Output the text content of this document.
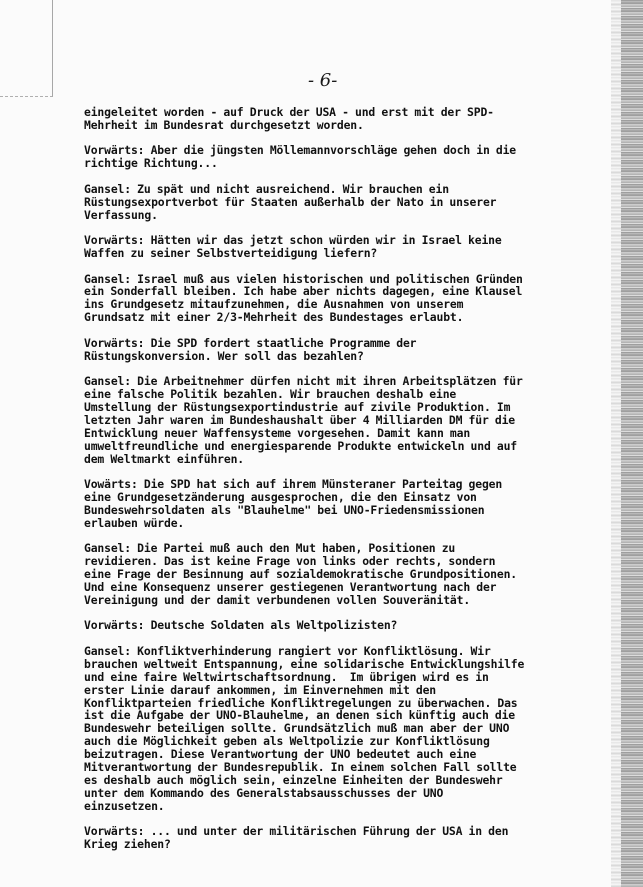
- 6-

eingeleitet worden - auf Druck der USA - und erst mit der SPD-
Mehrheit im Bundesrat durchgesetzt worden.

Vorwärts: Aber die jüngsten Möllemannvorschläge gehen doch in die
richtige Richtung...

Gansel: Zu spät und nicht ausreichend. Wir brauchen ein
Rüstungsexportverbot für Staaten außerhalb der Nato in unserer
Verfassung.

Vorwärts: Hätten wir das jetzt schon würden wir in Israel keine
Waffen zu seiner Selbstverteidigung liefern?

Gansel: Israel muß aus vielen historischen und politischen Gründen
ein Sonderfall bleiben. Ich habe aber nichts dagegen, eine Klausel
ins Grundgesetz mitaufzunehmen, die Ausnahmen von unserem
Grundsatz mit einer 2/3-Mehrheit des Bundestages erlaubt.

Vorwärts: Die SPD fordert staatliche Programme der
Rüstungskonversion. Wer soll das bezahlen?

Gansel: Die Arbeitnehmer dürfen nicht mit ihren Arbeitsplätzen für
eine falsche Politik bezahlen. Wir brauchen deshalb eine
Umstellung der Rüstungsexportindustrie auf zivile Produktion. Im
letzten Jahr waren im Bundeshaushalt über 4 Milliarden DM für die
Entwicklung neuer Waffensysteme vorgesehen. Damit kann man
umweltfreundliche und energiesparende Produkte entwickeln und auf
dem Weltmarkt einführen.

Vowärts: Die SPD hat sich auf ihrem Münsteraner Parteitag gegen
eine Grundgesetzänderung ausgesprochen, die den Einsatz von
Bundeswehrsoldaten als "Blauhelme" bei UNO-Friedensmissionen
erlauben würde.

Gansel: Die Partei muß auch den Mut haben, Positionen zu
revidieren. Das ist keine Frage von links oder rechts, sondern
eine Frage der Besinnung auf sozialdemokratische Grundpositionen.
Und eine Konsequenz unserer gestiegenen Verantwortung nach der
Vereinigung und der damit verbundenen vollen Souveränität.

Vorwärts: Deutsche Soldaten als Weltpolizisten?

Gansel: Konfliktverhinderung rangiert vor Konfliktlösung. Wir
brauchen weltweit Entspannung, eine solidarische Entwicklungshilfe
und eine faire Weltwirtschaftsordnung.  Im übrigen wird es in
erster Linie darauf ankommen, im Einvernehmen mit den
Konfliktparteien friedliche Konfliktregelungen zu überwachen. Das
ist die Aufgabe der UNO-Blauhelme, an denen sich künftig auch die
Bundeswehr beteiligen sollte. Grundsätzlich muß man aber der UNO
auch die Möglichkeit geben als Weltpolizie zur Konfliktlösung
beizutragen. Diese Verantwortung der UNO bedeutet auch eine
Mitverantwortung der Bundesrepublik. In einem solchen Fall sollte
es deshalb auch möglich sein, einzelne Einheiten der Bundeswehr
unter dem Kommando des Generalstabsausschusses der UNO
einzusetzen.

Vorwärts: ... und unter der militärischen Führung der USA in den
Krieg ziehen?
